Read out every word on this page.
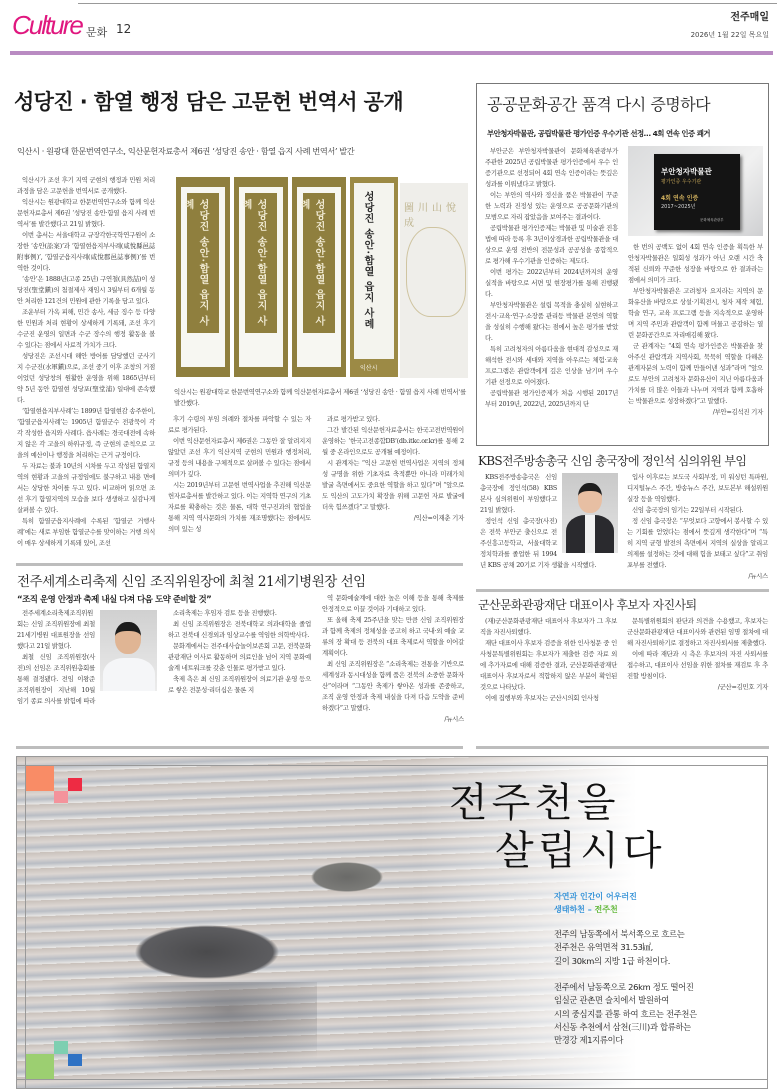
Culture 문화 12
전주매일
2026년 1월 22일 목요일
성당진 · 함열 행정 담은 고문헌 번역서 공개
익산시 · 원광대 한문번역연구소, 익산문헌자료총서 제6권 ‘성당진 송안 · 함열 읍지 사례 번역서’ 발간

익산시가 조선 후기 지역 군현의 행정과 민원 처리 과정을 담은 고문헌을 번역서로 공개했다.

익산시는 원광대학교 한문번역연구소와 함께 익산문헌자료총서 제6권 ‘성당진 송안·함열 읍지 사례 번역서’를 발간했다고 21일 밝혔다.

이번 총서는 서울대학교 규장각한국학연구원이 소장한 ‘송안(訟案)’과 ‘함열현읍지부사례(咸悅縣邑誌附事例)’, ‘함열군읍지사례(咸悅郡邑誌事例)’를 번역한 것이다.

‘송안’은 1888년(고종 25년) 구연철(具然喆)이 성당진(聖堂鎭)의 첨절제사 재임시 3월부터 6개월 동안 처리한 121건의 민원에 관한 기록을 담고 있다.

조운부터 가옥 피해, 민간 송사, 세금 징수 등 다양한 민원과 처리 현황이 상세하게 기록돼, 조선 후기 수군진 운영의 일면과 수군 장수의 행정 활동을 볼 수 있다는 점에서 사료적 가치가 크다.

성당진은 조선시대 해안 방어를 담당했던 군사기지 수군진(水軍鎭)으로, 조선 중기 이후 조창의 거점이었던 성당창의 원활한 운영을 위해 1865년부터 약 5년 동안 함열현 성당포(聖堂浦) 일대에 존속했다.

‘함열현읍지부사례’는 1899년 함열현감 송주한이, ‘함열군읍지사례’는 1905년 함열군수 전광묵이 각각 작성한 읍지와 사례다. 읍사례는 경국대전에 속하지 않은 각 고을의 하위규정, 즉 군현의 준칙으로 고을의 예산이나 행정을 처리하는 근거 규정이다.

두 자료는 불과 10년의 시차를 두고 작성된 함열지역의 현황과 고을의 규정임에도 불구하고 내용 면에서는 상당한 차이를 두고 있다. 비교하며 읽으면 조선 후기 함열지역의 모습을 보다 생생하고 실감나게 살펴볼 수 있다.

특히 함열군읍지사례에 수록된 ‘함열군 거행사례’에는 새로 부임한 함열군수를 맞이하는 거행 의식이 매우 상세하게 기록돼 있어, 조선

성당진 송안·함열 읍지 사례	성당진 송안·함열 읍지 사례	성당진 송안·함열 읍지 사례	성당진 송안·함열 읍지 사례
익산시
圖川山悅成
익산시는 원광대학교 한문번역연구소와 함께 익산문헌자료총서 제6권 ‘성당진 송안 · 함열 읍지 사례 번역서’를 발간했다.

후기 수령의 부임 의례와 절차를 파악할 수 있는 자료로 평가된다.

이번 익산문헌자료총서 제6권은 그동안 잘 알려지지 않았던 조선 후기 익산지역 군현의 민원과 행정처리, 규정 등의 내용을 구체적으로 살펴볼 수 있다는 점에서 의미가 깊다.

시는 2019년부터 고문헌 번역사업을 추진해 익산문헌자료총서를 발간하고 있다. 이는 지역학 연구의 기초자료를 확충하는 것은 물론, 대학 연구진과의 협업을 통해 지역 역사문화의 가치를 재조명했다는 점에서도 의미 있는 성

과로 평가받고 있다.

그간 발간된 익산문헌자료총서는 한국고전번역원이 운영하는 ‘한국고전종합DB’(db.itkc.or.kr)를 통해 2월 중 온라인으로도 공개될 예정이다.

시 관계자는 “익산 고문헌 번역사업은 지역의 정체성 규명을 위한 기초자료 축적뿐만 아니라 미래가치 발굴 측면에서도 중요한 역할을 하고 있다”며 “앞으로도 익산의 고도가치 확장을 위해 고문헌 자료 발굴에 더욱 힘쓰겠다”고 말했다.

/익산=이재춘 기자

공공문화공간 품격 다시 증명하다
부안청자박물관, 공립박물관 평가인증 우수기관 선정… 4회 연속 인증 쾌거

부안군은 부안청자박물관이 문화체육관광부가 주관한 2025년 공립박물관 평가인증에서 우수 인증기관으로 선정되어 4회 연속 인증이라는 뜻깊은 성과를 이뤄냈다고 밝혔다.

이는 부안의 역사와 정신을 품은 박물관이 꾸준한 노력과 진정성 있는 운영으로 공공문화기관의 모범으로 자리 잡았음을 보여주는 결과이다.

공립박물관 평가인증제는 박물관 및 미술관 진흥법에 따라 등록 후 3년이상경과한 공립박물관을 대상으로 운영 전반의 전문성과 공공성을 종합적으로 평가해 우수기관을 인증하는 제도다.

이번 평가는 2022년부터 2024년까지의 운영 실적을 바탕으로 서면 및 현장평가를 통해 진행됐다.

부안청자박물관은 설립 목적을 충실히 실현하고 전시·교육·연구·소장품 관리등 박물관 본연의 역할을 성실히 수행해 왔다는 점에서 높은 평가를 받았다.

특히 고려청자의 아름다움을 현대적 감성으로 재해석한 전시와 세대와 지역을 아우르는 체험·교육 프로그램은 관람객에게 깊은 인상을 남기며 우수기관 선정으로 이어졌다.

공립박물관 평가인증제가 처음 시행된 2017년부터 2019년, 2022년, 2025년까지 단

부안청자박물관
평가인증 우수기관
4회 연속 인증
2017~2025년
문화체육관광부

한 번의 공백도 없이 4회 연속 인증을 획득한 부안청자박물관은 일회성 성과가 아닌 오랜 시간 축적된 신뢰와 꾸준한 성장을 바탕으로 한 결과라는 점에서 의미가 크다.

부안청자박물관은 고려청자 요지라는 지역의 문화유산을 바탕으로 상설·기획전시, 청자 제작 체험, 학술 연구, 교육 프로그램 등을 지속적으로 운영하며 지역 주민과 관람객이 함께 머물고 공감하는 열린 문화공간으로 자리매김해 왔다.

군 관계자는 “4회 연속 평가인증은 박물관을 찾아주신 관람객과 지역사회, 묵묵히 역할을 다해온 관계자분의 노력이 함께 만들어낸 성과”라며 “앞으로도 부안의 고려청자 문화유산이 지닌 아름다움과 가치를 더 많은 이들과 나누며 지역과 함께 호흡하는 박물관으로 성장하겠다”고 말했다.

/부안=김석진 기자

KBS전주방송총국 신임 총국장에 정인석 심의위원 부임

KBS전주방송총국은 신임 총국장에 정인석(58) KBS 본사 심의위원이 부임했다고 21일 밝혔다.

정인석 신임 총국장(사진)은 전북 부안군 출신으로 전주신흥고등학교, 서울대학교 정치학과를 졸업한 뒤 1994년 KBS 공채 20기로 기자 생활을 시작했다.

입사 이후로는 보도국 사회부장, 미 워싱턴 특파원, 디지털뉴스 주간, 방송뉴스 주간, 보도본부 해설위원실장 등을 역임했다.

신임 총국장의 임기는 22일부터 시작된다.

정 신임 총국장은 “무엇보다 고향에서 봉사할 수 있는 기회를 얻었다는 점에서 뜻깊게 생각한다”며 “특히 지역 균형 발전의 측면에서 지역의 실상을 알리고 의제를 설정하는 것에 대해 힘을 보태고 싶다”고 취임 포부를 전했다.

/뉴시스

군산문화관광재단 대표이사 후보자 자진사퇴

(재)군산문화관광재단 대표이사 후보자가 그 후보직을 자진사퇴했다.

재단 대표이사 후보자 검증을 위한 인사청문 중 인사청문특별위원회는 후보자가 제출한 검증 자료 외에 추가자료에 대해 검증한 결과, 군산문화관광재단 대표이사 후보자로서 적합하지 않은 부분이 확인된 것으로 나타났다.

이에 집행부와 후보자는 군산시의회 인사청

문특별위원회의 판단과 의견을 수용했고, 후보자는 군산문화관광재단 대표이사와 관련된 임명 절차에 대해 자진사퇴하기로 결정하고 자진사퇴서를 제출했다.

이에 따라 재단과 시 측은 후보자의 자진 사퇴서를 접수하고, 대표이사 선임을 위한 절차를 재검토 후 추진할 방침이다.

/군산=김민호 기자

전주세계소리축제 신임 조직위원장에 최철 21세기병원장 선임
“조직 운영 안정과 축제 내실 다져 다음 도약 준비할 것”

전주세계소리축제조직위원회는 신임 조직위원장에 최철 21세기병원 대표원장을 선임했다고 21일 밝혔다.

최철 신임 조직위원장(사진)의 선임은 조직위원총회를 통해 결정됐다. 전임 이왕준 조직위원장이 지난해 10월 임기 종료 의사를 밝힘에 따라

소리축제는 후임자 검토 등을 진행했다.

최 신임 조직위원장은 전북대학교 의과대학을 졸업하고 전북대 신경외과 임상교수를 역임한 의학박사다.

문화계에서는 전주대사습놀이보존회 고문, 전북문화관광재단 이사로 활동하며 의료인을 넘어 지역 문화예술계 네트워크를 갖춘 인물로 평가받고 있다.

축제 측은 최 신임 조직위원장이 의료기관 운영 등으로 쌓은 전문성·리더십은 물론 지

역 문화예술계에 대한 높은 이해 등을 통해 축제를 안정적으로 이끌 것이라 기대하고 있다.

또 올해 축제 25주년을 맞는 만큼 신임 조직위원장과 함께 축제의 정체성을 공고히 하고 국내·외 예술 교류의 장 확대 등 전북의 대표 축제로서 역할을 이어갈 계획이다.

최 신임 조직위원장은 “소리축제는 전통을 기반으로 세계성과 동시대성을 함께 품은 전북의 소중한 문화자산”이라며 “그동안 축제가 쌓아온 성과를 존중하고, 조직 운영 안정과 축제 내실을 다져 다음 도약을 준비하겠다”고 말했다.

/뉴시스

전주천을
살립시다
자연과 인간이 어우러진
생태하천 – 전주천
전주의 남동쪽에서 북서쪽으로 흐르는
전주천은 유역면적 31.53㎢,
길이 30km의 지방 1급 하천이다.
전주에서 남동쪽으로 26km 정도 떨어진
임실군 관촌면 슬치에서 발원하여
시의 중심지를 관통 하여 흐르는 전주천은
서신동 추천에서 삼천(三川)과 합류하는
만경강 제1지류이다
